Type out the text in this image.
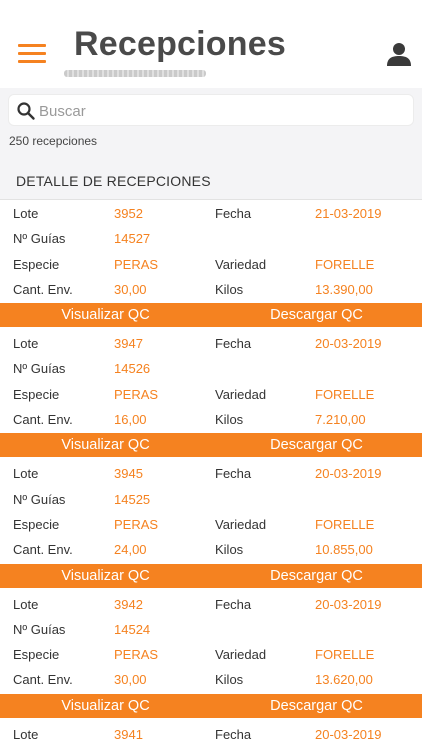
Recepciones
Buscar
250 recepciones
DETALLE DE RECEPCIONES
Lote	3952	Fecha	21-03-2019
Nº Guías	14527
Especie	PERAS	Variedad	FORELLE
Cant. Env.	30,00	Kilos	13.390,00
Visualizar QC	Descargar QC
Lote	3947	Fecha	20-03-2019
Nº Guías	14526
Especie	PERAS	Variedad	FORELLE
Cant. Env.	16,00	Kilos	7.210,00
Visualizar QC	Descargar QC
Lote	3945	Fecha	20-03-2019
Nº Guías	14525
Especie	PERAS	Variedad	FORELLE
Cant. Env.	24,00	Kilos	10.855,00
Visualizar QC	Descargar QC
Lote	3942	Fecha	20-03-2019
Nº Guías	14524
Especie	PERAS	Variedad	FORELLE
Cant. Env.	30,00	Kilos	13.620,00
Visualizar QC	Descargar QC
Lote	3941	Fecha	20-03-2019
